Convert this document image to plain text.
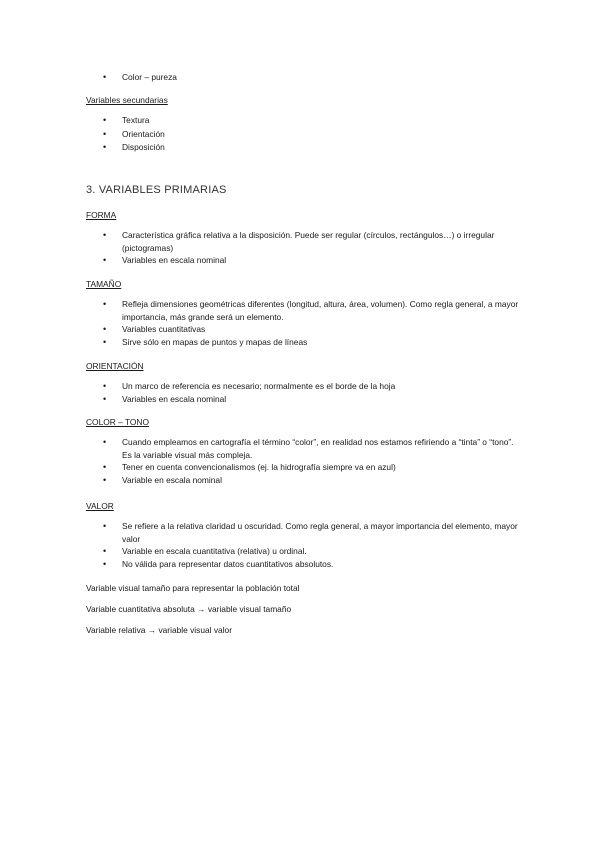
• Color – pureza
Variables secundarias
• Textura
• Orientación
• Disposición
3. VARIABLES PRIMARIAS
FORMA
• Característica gráfica relativa a la disposición. Puede ser regular (círculos, rectángulos…) o irregular (pictogramas)
• Variables en escala nominal
TAMAÑO
• Refleja dimensiones geométricas diferentes (longitud, altura, área, volumen). Como regla general, a mayor importancia, más grande será un elemento.
• Variables cuantitativas
• Sirve sólo en mapas de puntos y mapas de líneas
ORIENTACIÓN
• Un marco de referencia es necesario; normalmente es el borde de la hoja
• Variables en escala nominal
COLOR – TONO
• Cuando empleamos en cartografía el término “color”, en realidad nos estamos refiriendo a “tinta” o “tono”. Es la variable visual más compleja.
• Tener en cuenta convencionalismos (ej. la hidrografía siempre va en azul)
• Variable en escala nominal
VALOR
• Se refiere a la relativa claridad u oscuridad. Como regla general, a mayor importancia del elemento, mayor valor
• Variable en escala cuantitativa (relativa) u ordinal.
• No válida para representar datos cuantitativos absolutos.
Variable visual tamaño para representar la población total
Variable cuantitativa absoluta → variable visual tamaño
Variable relativa → variable visual valor
